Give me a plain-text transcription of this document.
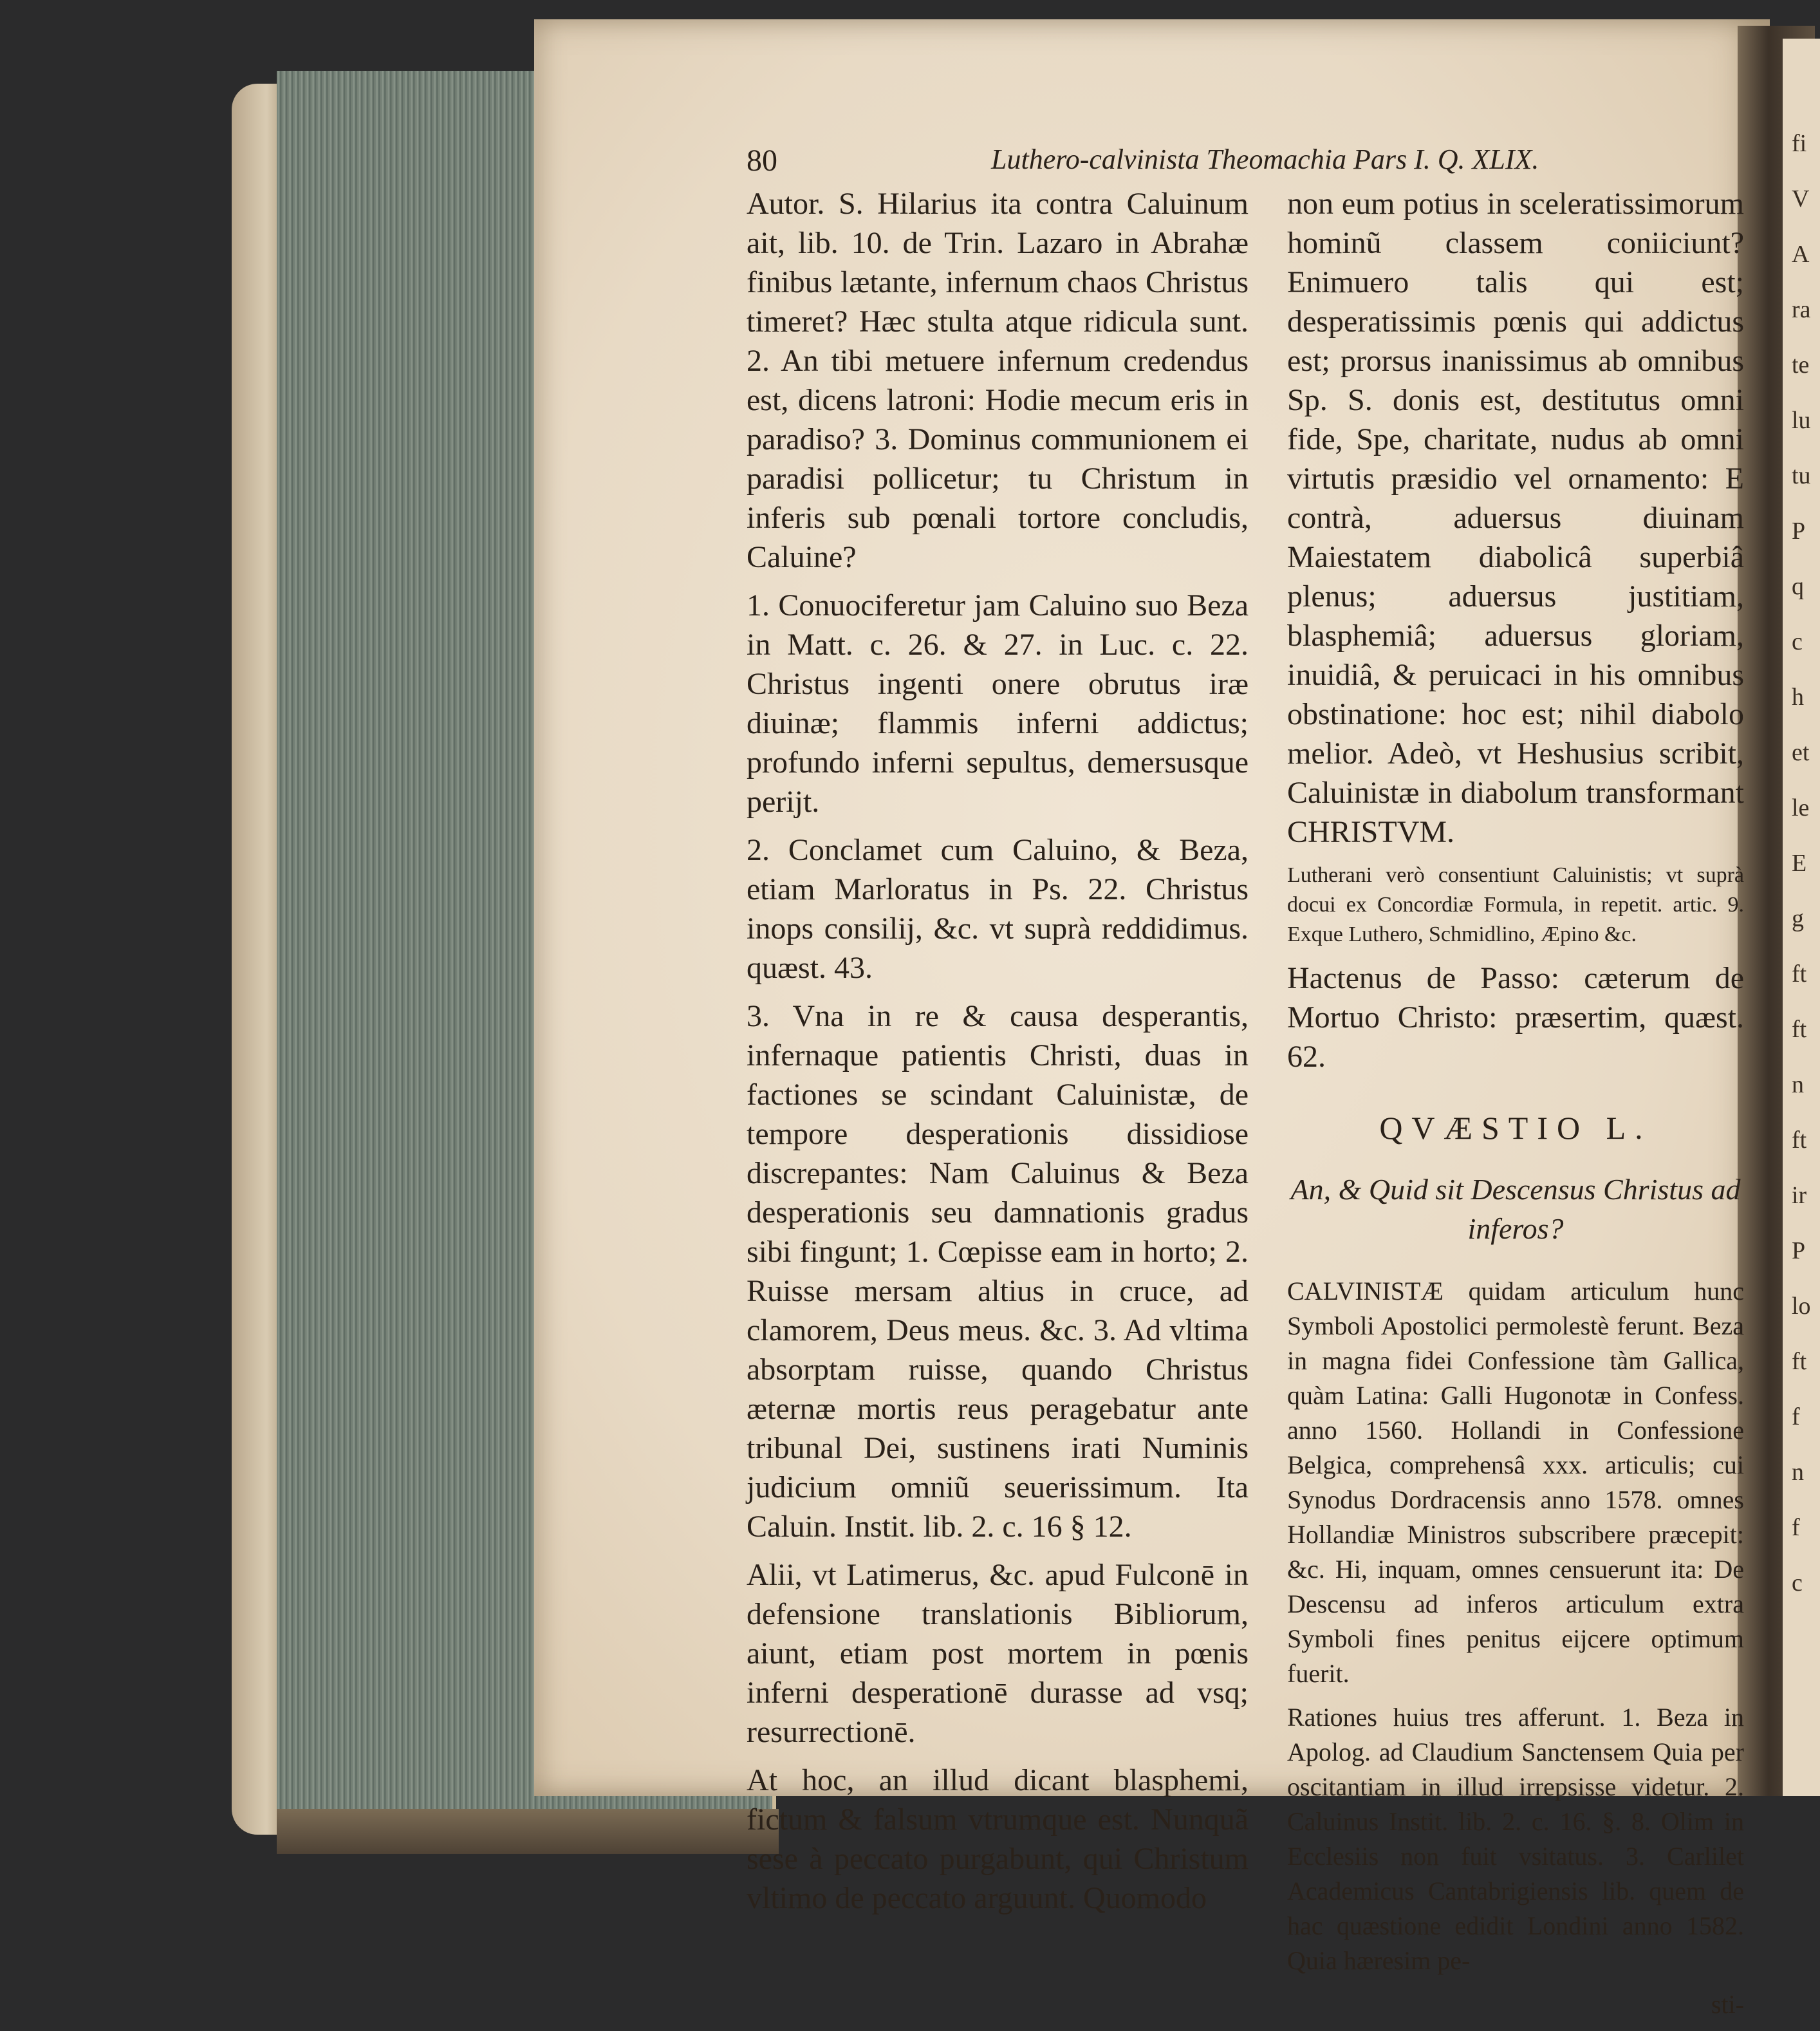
fi
V
A
ra
te
lu
tu
P
q
c
h
et
le
E
g
ft
ft
n
ft
ir
P
lo
ft
f
n
f
c
80	Luthero-calvinista Theomachia Pars I. Q. XLIX.

Autor. S. Hilarius ita contra Caluinum ait, lib. 10. de Trin. Lazaro in Abrahæ finibus lætante, infernum chaos Christus timeret? Hæc stulta atque ridicula sunt. 2. An tibi metuere infernum credendus est, dicens latroni: Hodie mecum eris in paradiso? 3. Dominus communionem ei paradisi pollicetur; tu Christum in inferis sub pœnali tortore concludis, Caluine?

1. Conuociferetur jam Caluino suo Beza in Matt. c. 26. & 27. in Luc. c. 22. Christus ingenti onere obrutus iræ diuinæ; flammis inferni addictus; profundo inferni sepultus, demersusque perijt.

2. Conclamet cum Caluino, & Beza, etiam Marloratus in Ps. 22. Christus inops consilij, &c. vt suprà reddidimus. quæst. 43.

3. Vna in re & causa desperantis, infernaque patientis Christi, duas in factiones se scindant Caluinistæ, de tempore desperationis dissidiose discrepantes: Nam Caluinus & Beza desperationis seu damnationis gradus sibi fingunt; 1. Cœpisse eam in horto; 2. Ruisse mersam altius in cruce, ad clamorem, Deus meus. &c. 3. Ad vltima absorptam ruisse, quando Christus æternæ mortis reus peragebatur ante tribunal Dei, sustinens irati Numinis judicium omniũ seuerissimum. Ita Caluin. Instit. lib. 2. c. 16 § 12.

Alii, vt Latimerus, &c. apud Fulconē in defensione translationis Bibliorum, aiunt, etiam post mortem in pœnis inferni desperationē durasse ad vsq; resurrectionē.

At hoc, an illud dicant blasphemi, fictum & falsum vtrumque est. Nunquã sese à peccato purgabunt, qui Christum vltimo de peccato arguunt. Quomodo

non eum potius in sceleratissimorum hominũ classem coniiciunt? Enimuero talis qui est; desperatissimis pœnis qui addictus est; prorsus inanissimus ab omnibus Sp. S. donis est, destitutus omni fide, Spe, charitate, nudus ab omni virtutis præsidio vel ornamento: E contrà, aduersus diuinam Maiestatem diabolicâ superbiâ plenus; aduersus justitiam, blasphemiâ; aduersus gloriam, inuidiâ, & peruicaci in his omnibus obstinatione: hoc est; nihil diabolo melior. Adeò, vt Heshusius scribit, Caluinistæ in diabolum transformant CHRISTVM.

Lutherani verò consentiunt Caluinistis; vt suprà docui ex Concordiæ Formula, in repetit. artic. 9. Exque Luthero, Schmidlino, Æpino &c.

Hactenus de Passo: cæterum de Mortuo Christo: præsertim, quæst. 62.

QVÆSTIO L.
An, & Quid sit Descensus Christus ad inferos?

CALVINISTÆ quidam articulum hunc Symboli Apostolici permolestè ferunt. Beza in magna fidei Confessione tàm Gallica, quàm Latina: Galli Hugonotæ in Confess. anno 1560. Hollandi in Confessione Belgica, comprehensâ xxx. articulis; cui Synodus Dordracensis anno 1578. omnes Hollandiæ Ministros subscribere præcepit: &c. Hi, inquam, omnes censuerunt ita: De Descensu ad inferos articulum extra Symboli fines penitus eijcere optimum fuerit.

Rationes huius tres afferunt. 1. Beza in Apolog. ad Claudium Sanctensem Quia per oscitantiam in illud irrepsisse videtur. 2. Caluinus Instit. lib. 2. c. 16. §. 8. Olim in Ecclesiis non fuit vsitatus. 3. Carlilet Academicus Cantabrigiensis lib. quem de hac quæstione edidit Londini anno 1582. Quia hæresim pe-

sti-
